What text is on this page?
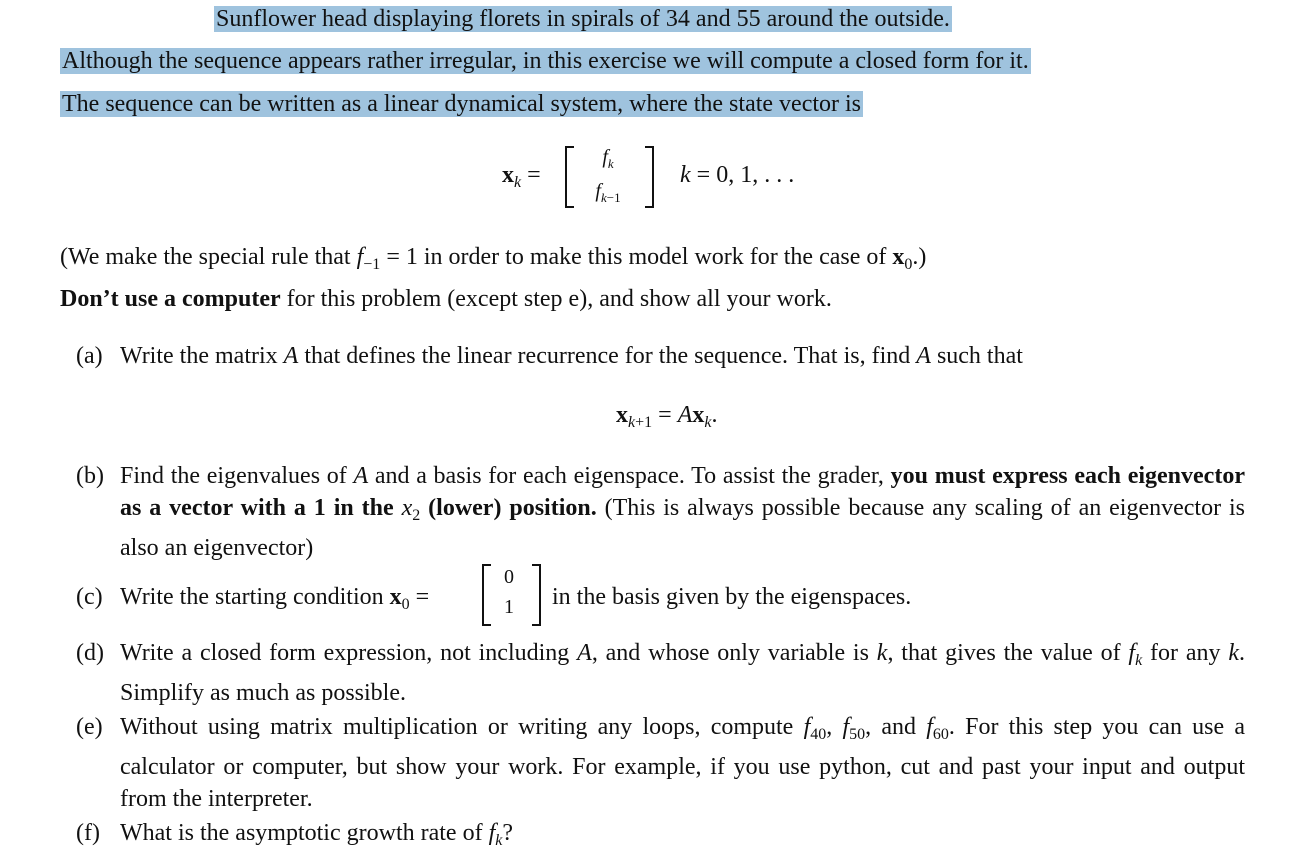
Sunflower head displaying florets in spirals of 34 and 55 around the outside.
Although the sequence appears rather irregular, in this exercise we will compute a closed form for it.
The sequence can be written as a linear dynamical system, where the state vector is
$x_k$ =
$f_k$
$f_{k-1}$
k = 0, 1, . . .
(We make the special rule that $f_{-1} = 1$ in order to make this model work for the case of $x_0$.)
Don’t use a computer for this problem (except step e), and show all your work.
(a) Write the matrix A that defines the linear recurrence for the sequence. That is, find A such that
$x_{k+1} = Ax_k$.
(b) Find the eigenvalues of A and a basis for each eigenspace. To assist the grader, you must express each eigenvector as a vector with a 1 in the $x_2$ (lower) position. (This is always possible because any scaling of an eigenvector is also an eigenvector)
(c) Write the starting condition $x_0$ =
0
1	in the basis given by the eigenspaces.
(d) Write a closed form expression, not including A, and whose only variable is k, that gives the value of $f_k$ for any k. Simplify as much as possible.
(e) Without using matrix multiplication or writing any loops, compute $f_{40}$, $f_{50}$, and $f_{60}$. For this step you can use a calculator or computer, but show your work. For example, if you use python, cut and past your input and output from the interpreter.
(f) What is the asymptotic growth rate of $f_k$?
